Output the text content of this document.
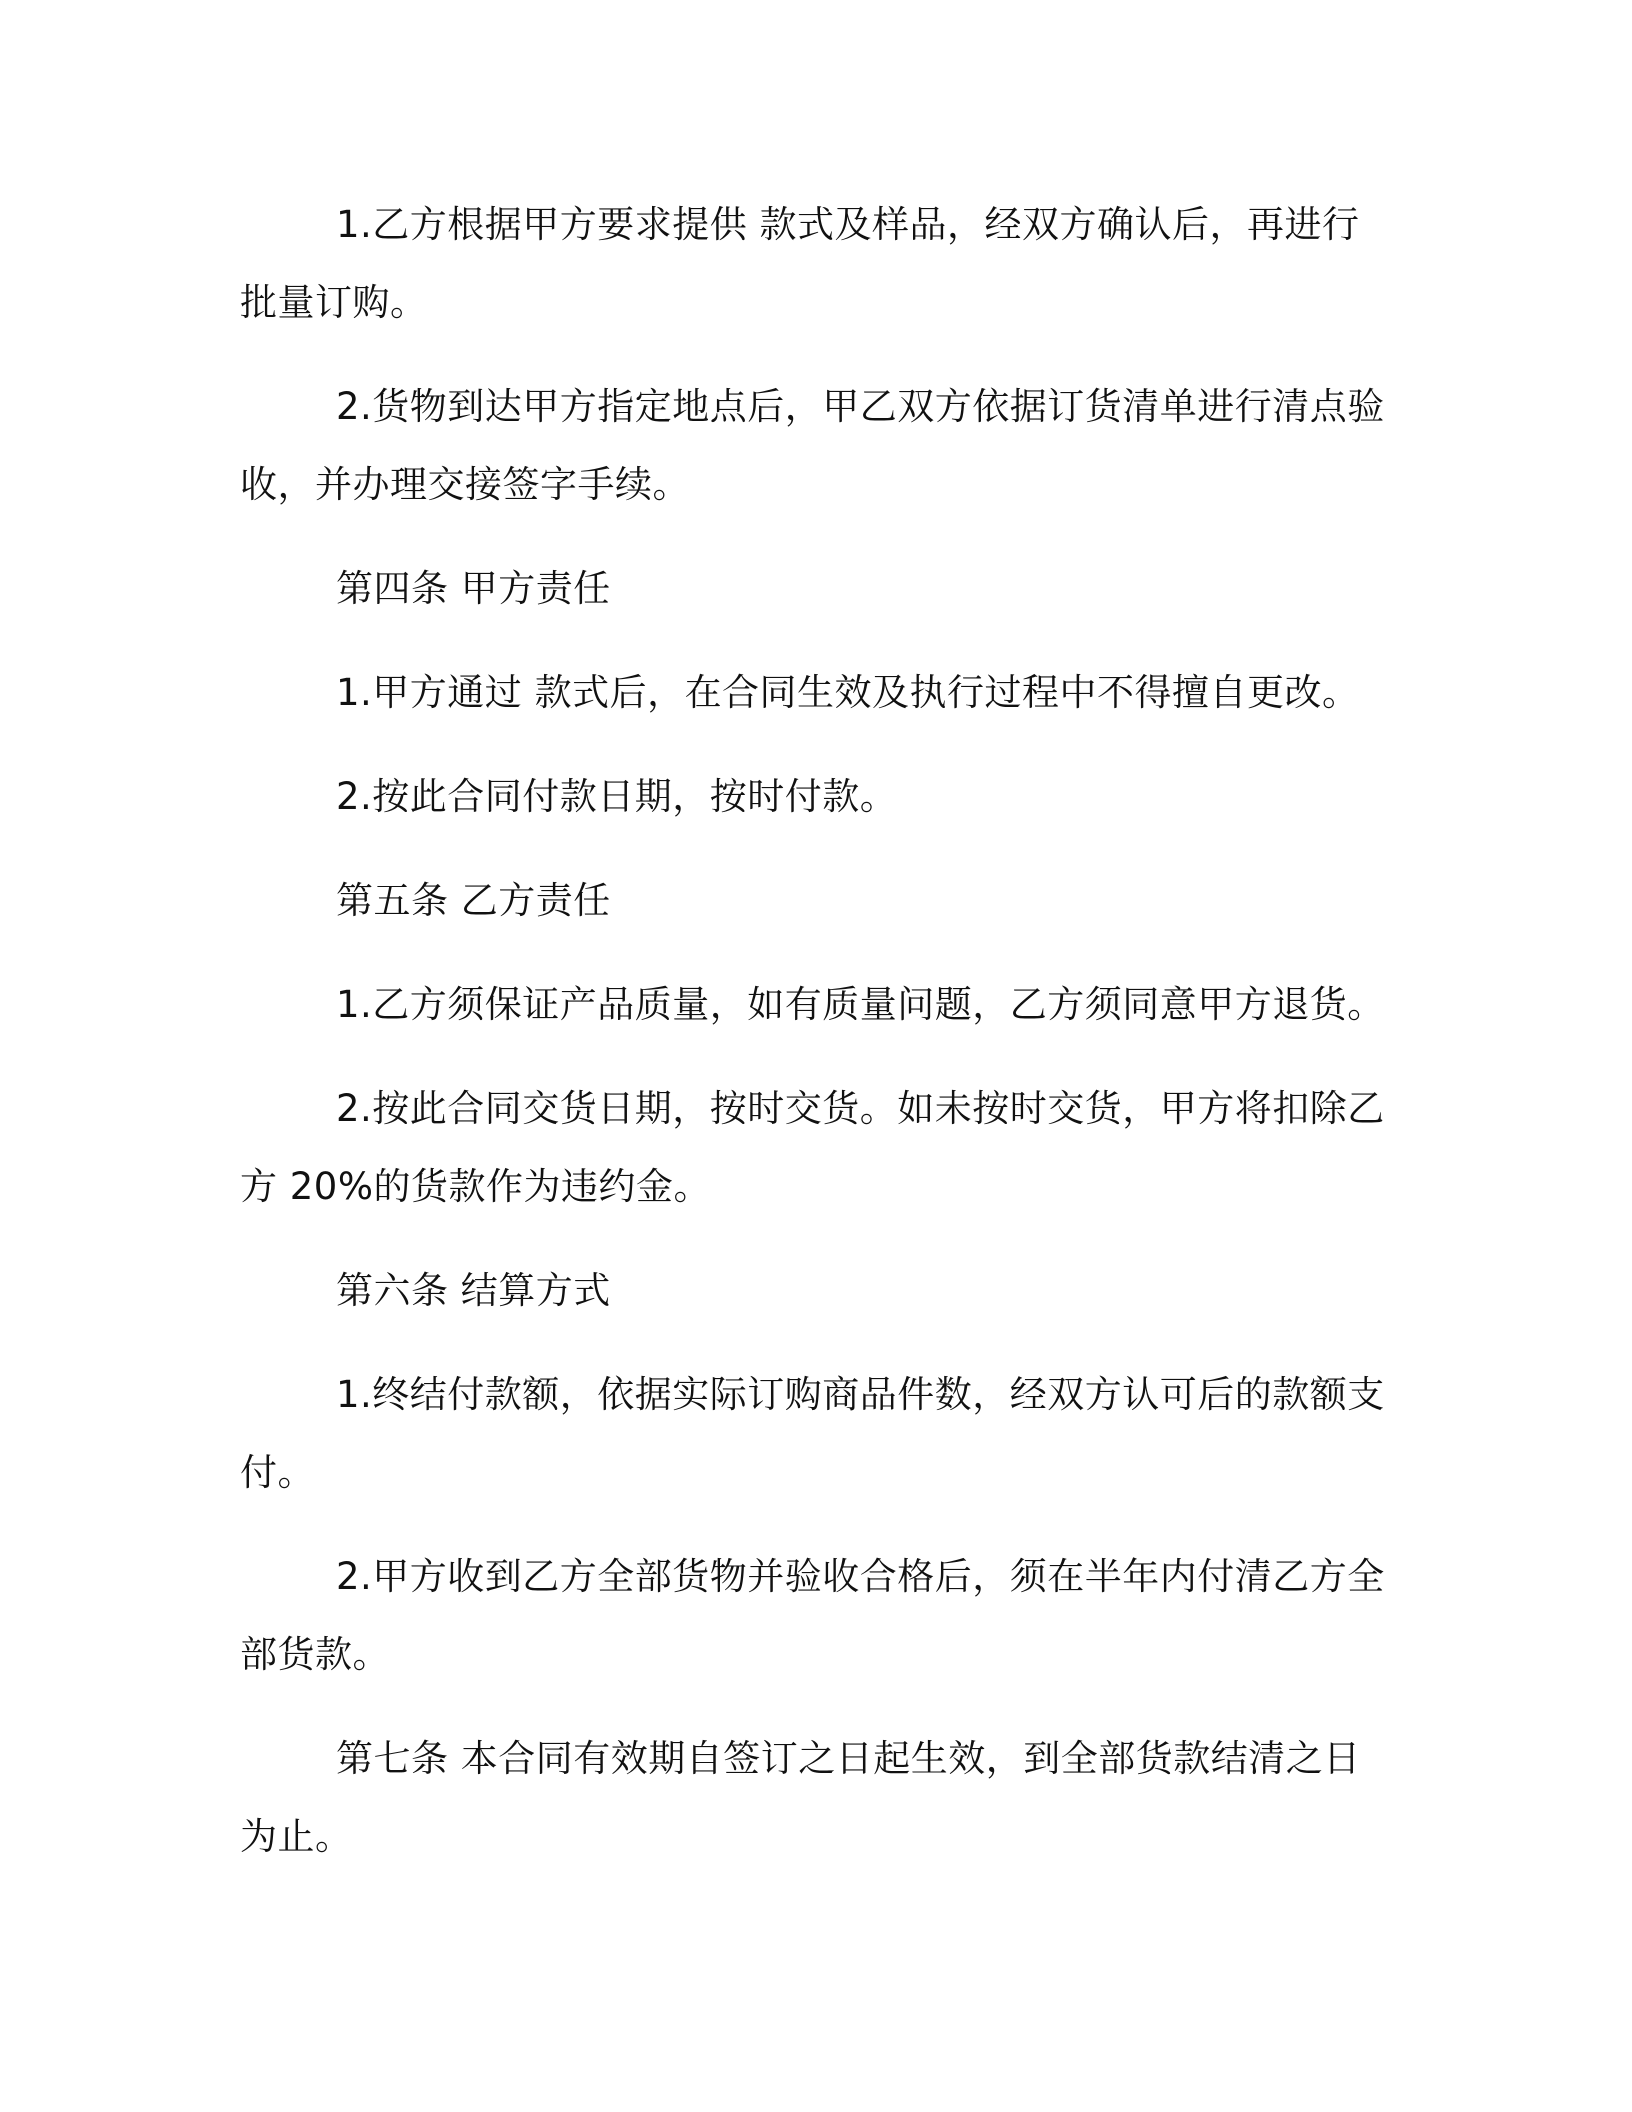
1.乙方根据甲方要求提供 款式及样品，经双方确认后，再进行批量订购。

2.货物到达甲方指定地点后，甲乙双方依据订货清单进行清点验收，并办理交接签字手续。

第四条 甲方责任

1.甲方通过 款式后，在合同生效及执行过程中不得擅自更改。

2.按此合同付款日期，按时付款。

第五条 乙方责任

1.乙方须保证产品质量，如有质量问题，乙方须同意甲方退货。

2.按此合同交货日期，按时交货。如未按时交货，甲方将扣除乙方 20%的货款作为违约金。

第六条 结算方式

1.终结付款额，依据实际订购商品件数，经双方认可后的款额支付。

2.甲方收到乙方全部货物并验收合格后，须在半年内付清乙方全部货款。

第七条 本合同有效期自签订之日起生效，到全部货款结清之日为止。
